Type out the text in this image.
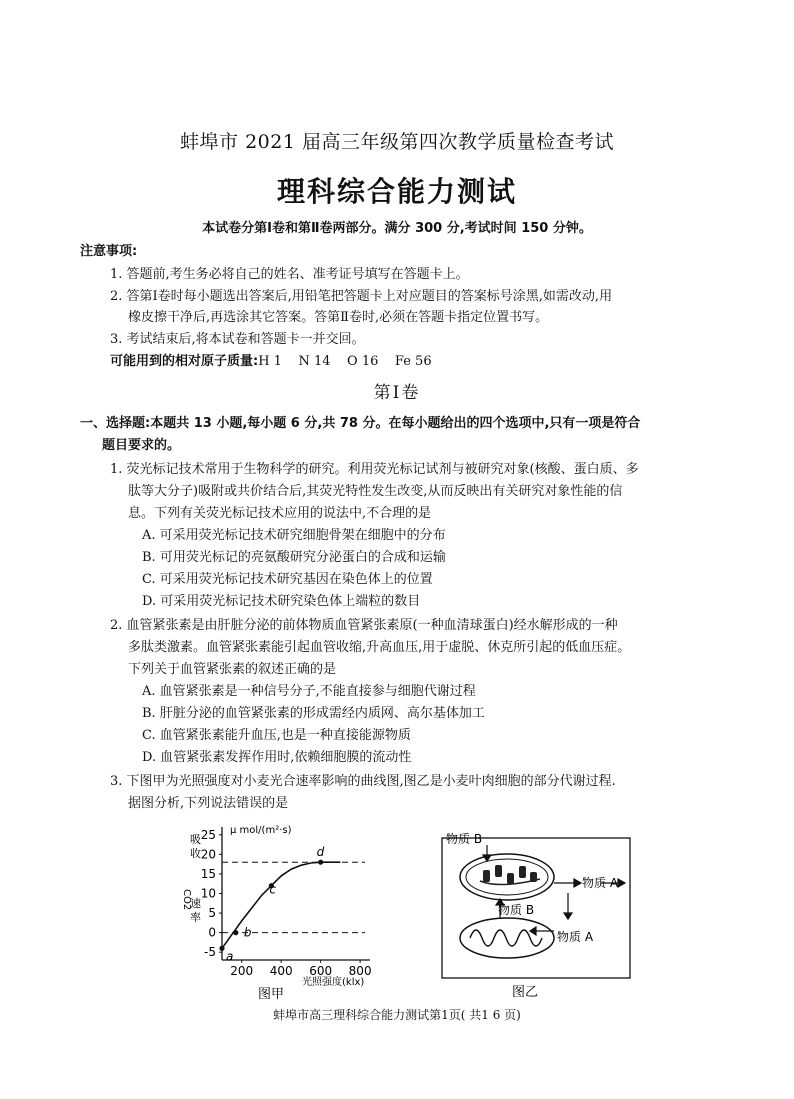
蚌埠市 2021 届高三年级第四次教学质量检查考试
理科综合能力测试
本试卷分第Ⅰ卷和第Ⅱ卷两部分。满分 300 分,考试时间 150 分钟。
注意事项:
1. 答题前,考生务必将自己的姓名、准考证号填写在答题卡上。
2. 答第Ⅰ卷时每小题选出答案后,用铅笔把答题卡上对应题目的答案标号涂黑,如需改动,用
橡皮擦干净后,再选涂其它答案。答第Ⅱ卷时,必须在答题卡指定位置书写。
3. 考试结束后,将本试卷和答题卡一并交回。
可能用到的相对原子质量:H 1    N 14    O 16    Fe 56
第Ⅰ卷
一、选择题:本题共 13 小题,每小题 6 分,共 78 分。在每小题给出的四个选项中,只有一项是符合
题目要求的。
1. 荧光标记技术常用于生物科学的研究。利用荧光标记试剂与被研究对象(核酸、蛋白质、多
肽等大分子)吸附或共价结合后,其荧光特性发生改变,从而反映出有关研究对象性能的信
息。下列有关荧光标记技术应用的说法中,不合理的是
A. 可采用荧光标记技术研究细胞骨架在细胞中的分布
B. 可用荧光标记的亮氨酸研究分泌蛋白的合成和运输
C. 可采用荧光标记技术研究基因在染色体上的位置
D. 可采用荧光标记技术研究染色体上端粒的数目
2. 血管紧张素是由肝脏分泌的前体物质血管紧张素原(一种血清球蛋白)经水解形成的一种
多肽类激素。血管紧张素能引起血管收缩,升高血压,用于虚脱、休克所引起的低血压症。
下列关于血管紧张素的叙述正确的是
A. 血管紧张素是一种信号分子,不能直接参与细胞代谢过程
B. 肝脏分泌的血管紧张素的形成需经内质网、高尔基体加工
C. 血管紧张素能升血压,也是一种直接能源物质
D. 血管紧张素发挥作用时,依赖细胞膜的流动性
3. 下图甲为光照强度对小麦光合速率影响的曲线图,图乙是小麦叶肉细胞的部分代谢过程.
据图分析,下列说法错误的是
25
20
15
10
5
0
-5
200 400 600 800
a
b
c
d
μ mol/(m²·s)
吸
收
CO2
速
率
光照强度(klx)
图甲
物质 B
物质 A
物质 B
物质 A
图乙
蚌埠市高三理科综合能力测试第1页( 共1 6 页)
